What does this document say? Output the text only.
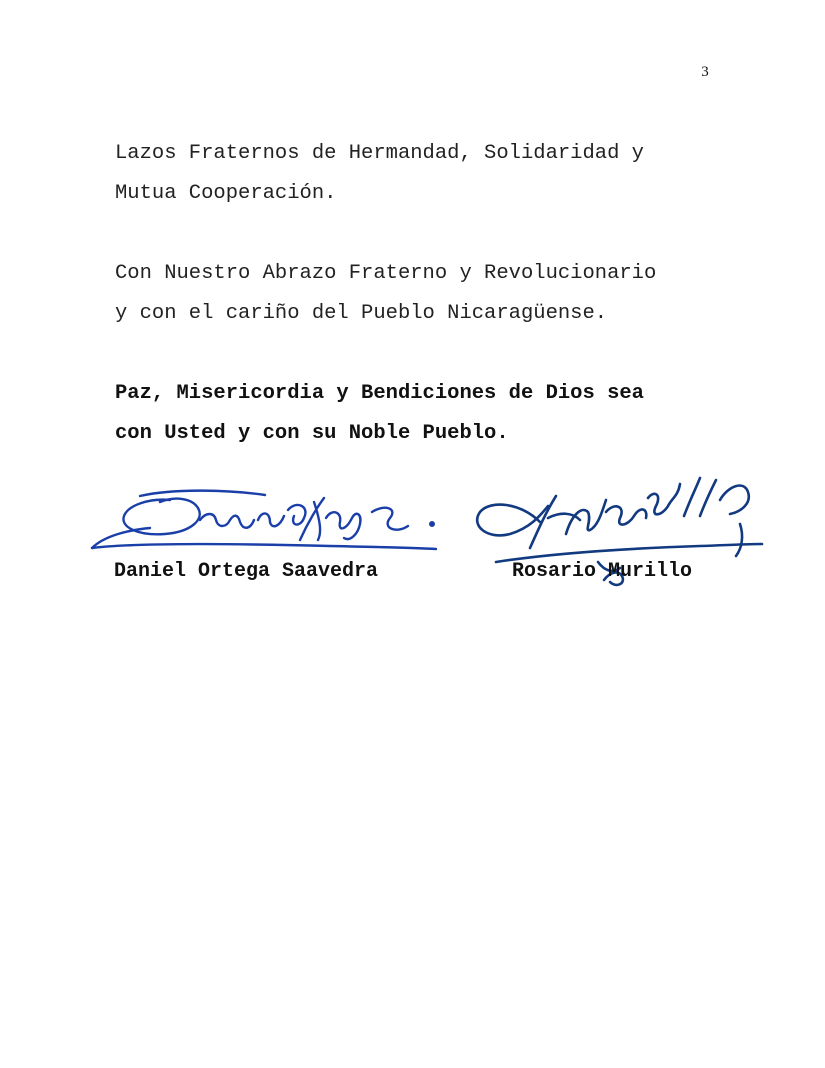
3
Lazos Fraternos de Hermandad, Solidaridad y
Mutua Cooperación.
Con Nuestro Abrazo Fraterno y Revolucionario
y con el cariño del Pueblo Nicaragüense.
Paz, Misericordia y Bendiciones de Dios sea
con Usted y con su Noble Pueblo.
Daniel Ortega Saavedra	Rosario Murillo
